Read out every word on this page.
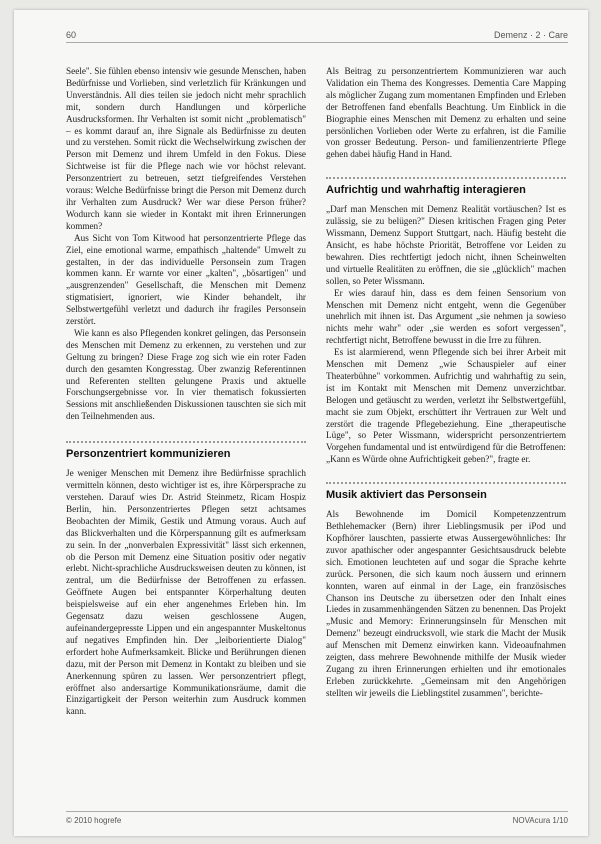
60	Demenz · 2 · Care

Seele". Sie fühlen ebenso intensiv wie gesunde Menschen, haben Bedürfnisse und Vorlieben, sind verletzlich für Kränkungen und Unverständnis. All dies teilen sie jedoch nicht mehr sprachlich mit, sondern durch Handlungen und körperliche Ausdrucksformen. Ihr Verhalten ist somit nicht „problematisch" – es kommt darauf an, ihre Signale als Bedürfnisse zu deuten und zu verstehen. Somit rückt die Wechselwirkung zwischen der Person mit Demenz und ihrem Umfeld in den Fokus. Diese Sichtweise ist für die Pflege nach wie vor höchst relevant. Personzentriert zu betreuen, setzt tiefgreifendes Verstehen voraus: Welche Bedürfnisse bringt die Person mit Demenz durch ihr Verhalten zum Ausdruck? Wer war diese Person früher? Wodurch kann sie wieder in Kontakt mit ihren Erinnerungen kommen?

Aus Sicht von Tom Kitwood hat personzentrierte Pflege das Ziel, eine emotional warme, empathisch „haltende" Umwelt zu gestalten, in der das individuelle Personsein zum Tragen kommen kann. Er warnte vor einer „kalten", „bösartigen" und „ausgrenzenden" Gesellschaft, die Menschen mit Demenz stigmatisiert, ignoriert, wie Kinder behandelt, ihr Selbstwertgefühl verletzt und dadurch ihr fragiles Personsein zerstört.

Wie kann es also Pflegenden konkret gelingen, das Personsein des Menschen mit Demenz zu erkennen, zu verstehen und zur Geltung zu bringen? Diese Frage zog sich wie ein roter Faden durch den gesamten Kongresstag. Über zwanzig Referentinnen und Referenten stellten gelungene Praxis und aktuelle Forschungsergebnisse vor. In vier thematisch fokussierten Sessions mit anschließenden Diskussionen tauschten sie sich mit den Teilnehmenden aus.

Personzentriert kommunizieren

Je weniger Menschen mit Demenz ihre Bedürfnisse sprachlich vermitteln können, desto wichtiger ist es, ihre Körpersprache zu verstehen. Darauf wies Dr. Astrid Steinmetz, Ricam Hospiz Berlin, hin. Personzentriertes Pflegen setzt achtsames Beobachten der Mimik, Gestik und Atmung voraus. Auch auf das Blickverhalten und die Körperspannung gilt es aufmerksam zu sein. In der „nonverbalen Expressivität" lässt sich erkennen, ob die Person mit Demenz eine Situation positiv oder negativ erlebt. Nicht-sprachliche Ausdrucksweisen deuten zu können, ist zentral, um die Bedürfnisse der Betroffenen zu erfassen. Geöffnete Augen bei entspannter Körperhaltung deuten beispielsweise auf ein eher angenehmes Erleben hin. Im Gegensatz dazu weisen geschlossene Augen, aufeinandergepresste Lippen und ein angespannter Muskeltonus auf negatives Empfinden hin. Der „leiborientierte Dialog" erfordert hohe Aufmerksamkeit. Blicke und Berührungen dienen dazu, mit der Person mit Demenz in Kontakt zu bleiben und sie Anerkennung spüren zu lassen. Wer personzentriert pflegt, eröffnet also andersartige Kommunikationsräume, damit die Einzigartigkeit der Person weiterhin zum Ausdruck kommen kann.

Als Beitrag zu personzentriertem Kommunizieren war auch Validation ein Thema des Kongresses. Dementia Care Mapping als möglicher Zugang zum momentanen Empfinden und Erleben der Betroffenen fand ebenfalls Beachtung. Um Einblick in die Biographie eines Menschen mit Demenz zu erhalten und seine persönlichen Vorlieben oder Werte zu erfahren, ist die Familie von grosser Bedeutung. Person- und familienzentrierte Pflege gehen dabei häufig Hand in Hand.

Aufrichtig und wahrhaftig interagieren

„Darf man Menschen mit Demenz Realität vortäuschen? Ist es zulässig, sie zu belügen?" Diesen kritischen Fragen ging Peter Wissmann, Demenz Support Stuttgart, nach. Häufig besteht die Ansicht, es habe höchste Priorität, Betroffene vor Leiden zu bewahren. Dies rechtfertigt jedoch nicht, ihnen Scheinwelten und virtuelle Realitäten zu eröffnen, die sie „glücklich" machen sollen, so Peter Wissmann.

Er wies darauf hin, dass es dem feinen Sensorium von Menschen mit Demenz nicht entgeht, wenn die Gegenüber unehrlich mit ihnen ist. Das Argument „sie nehmen ja sowieso nichts mehr wahr" oder „sie werden es sofort vergessen", rechtfertigt nicht, Betroffene bewusst in die Irre zu führen.

Es ist alarmierend, wenn Pflegende sich bei ihrer Arbeit mit Menschen mit Demenz „wie Schauspieler auf einer Theaterbühne" vorkommen. Aufrichtig und wahrhaftig zu sein, ist im Kontakt mit Menschen mit Demenz unverzichtbar. Belogen und getäuscht zu werden, verletzt ihr Selbstwertgefühl, macht sie zum Objekt, erschüttert ihr Vertrauen zur Welt und zerstört die tragende Pflegebeziehung. Eine „therapeutische Lüge", so Peter Wissmann, widerspricht personzentriertem Vorgehen fundamental und ist entwürdigend für die Betroffenen: „Kann es Würde ohne Aufrichtigkeit geben?", fragte er.

Musik aktiviert das Personsein

Als Bewohnende im Domicil Kompetenzzentrum Bethlehemacker (Bern) ihrer Lieblingsmusik per iPod und Kopfhörer lauschten, passierte etwas Aussergewöhnliches: Ihr zuvor apathischer oder angespannter Gesichtsausdruck belebte sich. Emotionen leuchteten auf und sogar die Sprache kehrte zurück. Personen, die sich kaum noch äussern und erinnern konnten, waren auf einmal in der Lage, ein französisches Chanson ins Deutsche zu übersetzen oder den Inhalt eines Liedes in zusammenhängenden Sätzen zu benennen. Das Projekt „Music and Memory: Erinnerungsinseln für Menschen mit Demenz" bezeugt eindrucksvoll, wie stark die Macht der Musik auf Menschen mit Demenz einwirken kann. Videoaufnahmen zeigten, dass mehrere Bewohnende mithilfe der Musik wieder Zugang zu ihren Erinnerungen erhielten und ihr emotionales Erleben zurückkehrte. „Gemeinsam mit den Angehörigen stellten wir jeweils die Lieblingstitel zusammen", berichte-

© 2010 hogrefe	NOVAcura 1/10
